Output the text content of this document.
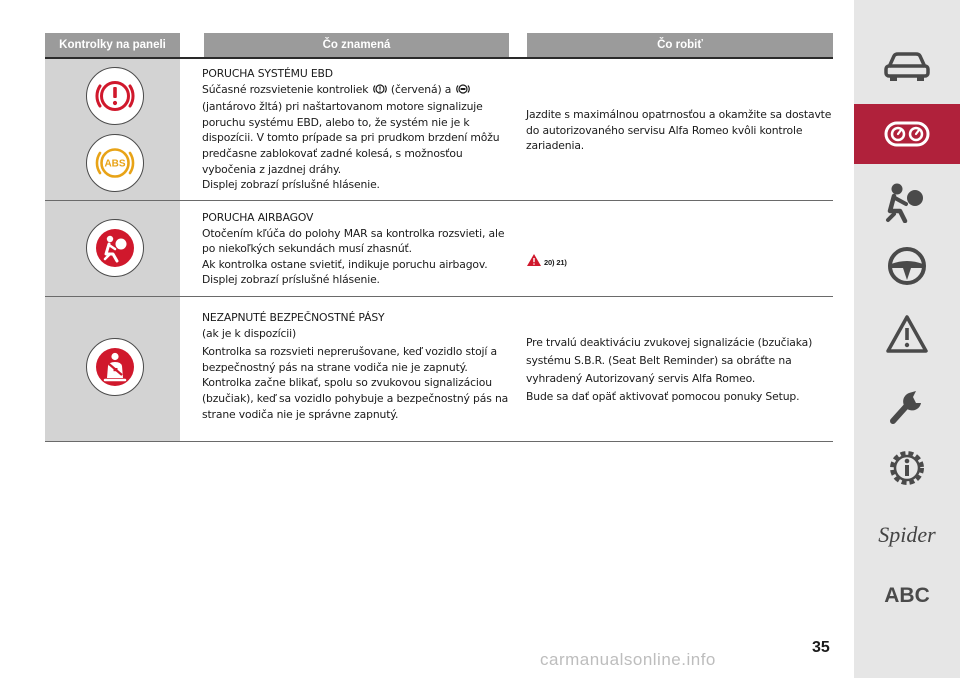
Kontrolky na paneli	Čo znamená	Čo robiť
ABS
PORUCHA SYSTÉMU EBD
Súčasné rozsvietenie kontroliek (červená) a
(jantárovo žltá) pri naštartovanom motore signalizuje
poruchu systému EBD, alebo to, že systém nie je k
dispozícii. V tomto prípade sa pri prudkom brzdení môžu
predčasne zablokovať zadné kolesá, s možnosťou
vybočenia z jazdnej dráhy.
Displej zobrazí príslušné hlásenie.
Jazdite s maximálnou opatrnosťou a okamžite sa dostavte
do autorizovaného servisu Alfa Romeo kvôli kontrole
zariadenia.
PORUCHA AIRBAGOV
Otočením kľúča do polohy MAR sa kontrolka rozsvieti, ale
po niekoľkých sekundách musí zhasnúť.
Ak kontrolka ostane svietiť, indikuje poruchu airbagov.
Displej zobrazí príslušné hlásenie.
20) 21)
NEZAPNUTÉ BEZPEČNOSTNÉ PÁSY
(ak je k dispozícii)
Kontrolka sa rozsvieti neprerušovane, keď vozidlo stojí a
bezpečnostný pás na strane vodiča nie je zapnutý.
Kontrolka začne blikať, spolu so zvukovou signalizáciou
(bzučiak), keď sa vozidlo pohybuje a bezpečnostný pás na
strane vodiča nie je správne zapnutý.
Pre trvalú deaktiváciu zvukovej signalizácie (bzučiaka)
systému S.B.R. (Seat Belt Reminder) sa obráťte na
vyhradený Autorizovaný servis Alfa Romeo.
Bude sa dať opäť aktivovať pomocou ponuky Setup.
Spider
ABC
35
carmanualsonline.info
